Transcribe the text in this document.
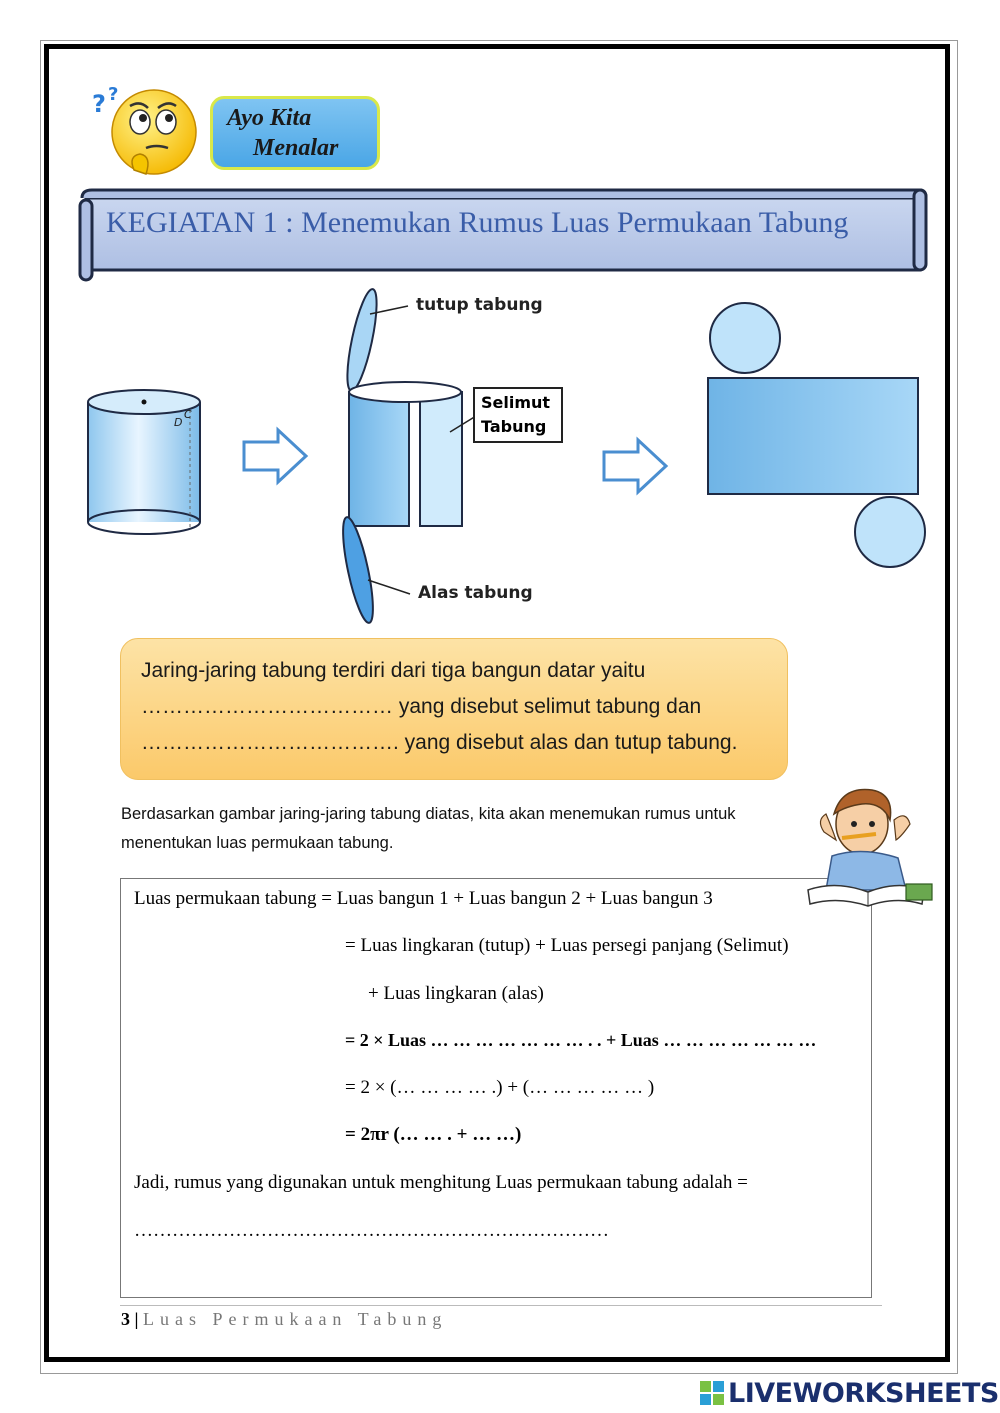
? ?
Ayo Kita
Menalar
KEGIATAN 1 : Menemukan Rumus Luas Permukaan Tabung
D
C
tutup tabung
Selimut
Tabung
Alas tabung
Jaring-jaring tabung terdiri dari tiga bangun datar yaitu
……………………………… yang disebut selimut tabung dan
………………………………. yang disebut alas dan tutup tabung.
Berdasarkan gambar jaring-jaring tabung diatas, kita akan menemukan rumus untuk menentukan luas permukaan tabung.
Luas permukaan tabung = Luas bangun 1 + Luas bangun 2 + Luas bangun 3
= Luas lingkaran (tutup) + Luas persegi panjang (Selimut)
+ Luas lingkaran (alas)
= 2 × Luas … … … … … … … . . + Luas … … … … … … …
= 2 × (… … … … .) + (… … … … … )
= 2πr (… … . + … …)
Jadi, rumus yang digunakan untuk menghitung Luas permukaan tabung adalah =
…………………………………………………………………
3 | Luas Permukaan Tabung
LIVEWORKSHEETS
